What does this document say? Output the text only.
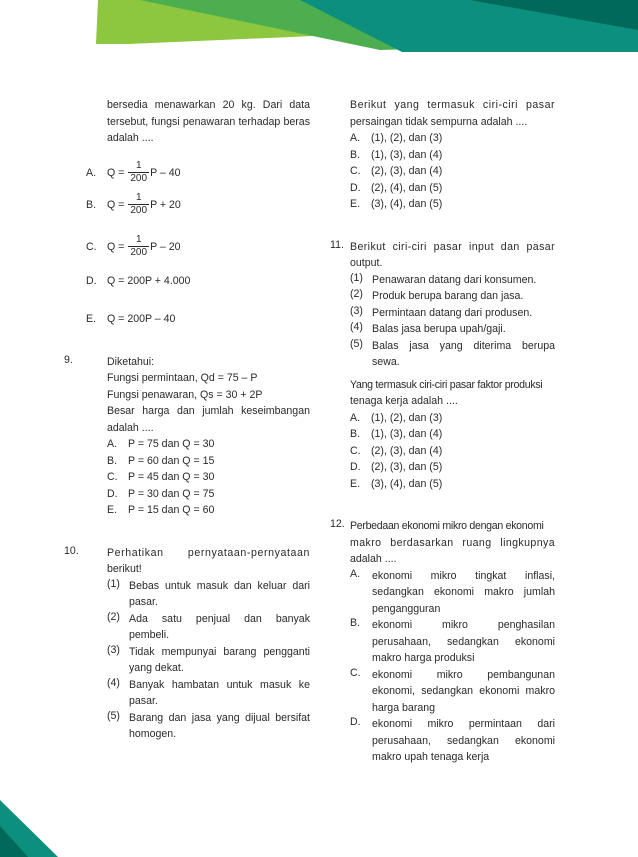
bersedia menawarkan 20 kg. Dari data
tersebut, fungsi penawaran terhadap beras
adalah ....
A. $Q = \frac{1}{200}$ P – 40
B. $Q = \frac{1}{200}$ P + 20
C. $Q = \frac{1}{200}$ P – 20
D. Q = 200P + 4.000
E. Q = 200P – 40
9.	Diketahui:
Fungsi permintaan, Qd = 75 – P
Fungsi penawaran, Qs = 30 + 2P
Besar harga dan jumlah keseimbangan
adalah ....
A. P = 75 dan Q = 30
B. P = 60 dan Q = 15
C. P = 45 dan Q = 30
D. P = 30 dan Q = 75
E. P = 15 dan Q = 60
10.	Perhatikan pernyataan-pernyataan
berikut!
(1) Bebas untuk masuk dan keluar dari
pasar.
(2) Ada satu penjual dan banyak
pembeli.
(3) Tidak mempunyai barang pengganti
yang dekat.
(4) Banyak hambatan untuk masuk ke
pasar.
(5) Barang dan jasa yang dijual bersifat
homogen.
Berikut yang termasuk ciri-ciri pasar
persaingan tidak sempurna adalah ....
A. (1), (2), dan (3)
B. (1), (3), dan (4)
C. (2), (3), dan (4)
D. (2), (4), dan (5)
E. (3), (4), dan (5)
11. Berikut ciri-ciri pasar input dan pasar
output.
(1) Penawaran datang dari konsumen.
(2) Produk berupa barang dan jasa.
(3) Permintaan datang dari produsen.
(4) Balas jasa berupa upah/gaji.
(5) Balas jasa yang diterima berupa
sewa.
Yang termasuk ciri-ciri pasar faktor produksi
tenaga kerja adalah ....
A. (1), (2), dan (3)
B. (1), (3), dan (4)
C. (2), (3), dan (4)
D. (2), (3), dan (5)
E. (3), (4), dan (5)
12. Perbedaan ekonomi mikro dengan ekonomi
makro berdasarkan ruang lingkupnya
adalah ....
A. ekonomi mikro tingkat inflasi,
sedangkan ekonomi makro jumlah
pengangguran
B. ekonomi mikro penghasilan
perusahaan, sedangkan ekonomi
makro harga produksi
C. ekonomi mikro pembangunan
ekonomi, sedangkan ekonomi makro
harga barang
D. ekonomi mikro permintaan dari
perusahaan, sedangkan ekonomi
makro upah tenaga kerja
